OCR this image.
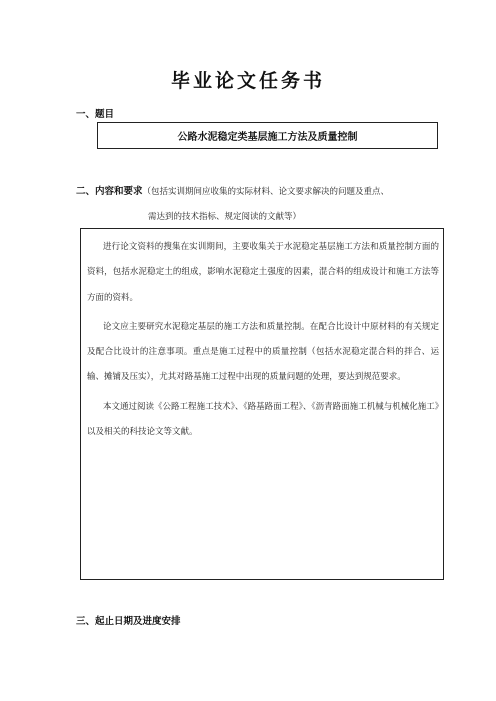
毕业论文任务书
一、题目
公路水泥稳定类基层施工方法及质量控制
二、内容和要求（包括实训期间应收集的实际材料、论文要求解决的问题及重点、
需达到的技术指标、规定阅读的文献等）

进行论文资料的搜集在实训期间，主要收集关于水泥稳定基层施工方法和质量控制方面的资料，包括水泥稳定土的组成，影响水泥稳定土强度的因素，混合料的组成设计和施工方法等方面的资料。

论文应主要研究水泥稳定基层的施工方法和质量控制。在配合比设计中原材料的有关规定及配合比设计的注意事项。重点是施工过程中的质量控制（包括水泥稳定混合料的拌合、运输、摊铺及压实），尤其对路基施工过程中出现的质量问题的处理，要达到规范要求。

本文通过阅读《公路工程施工技术》、《路基路面工程》、《沥青路面施工机械与机械化施工》以及相关的科技论文等文献。

三、起止日期及进度安排
